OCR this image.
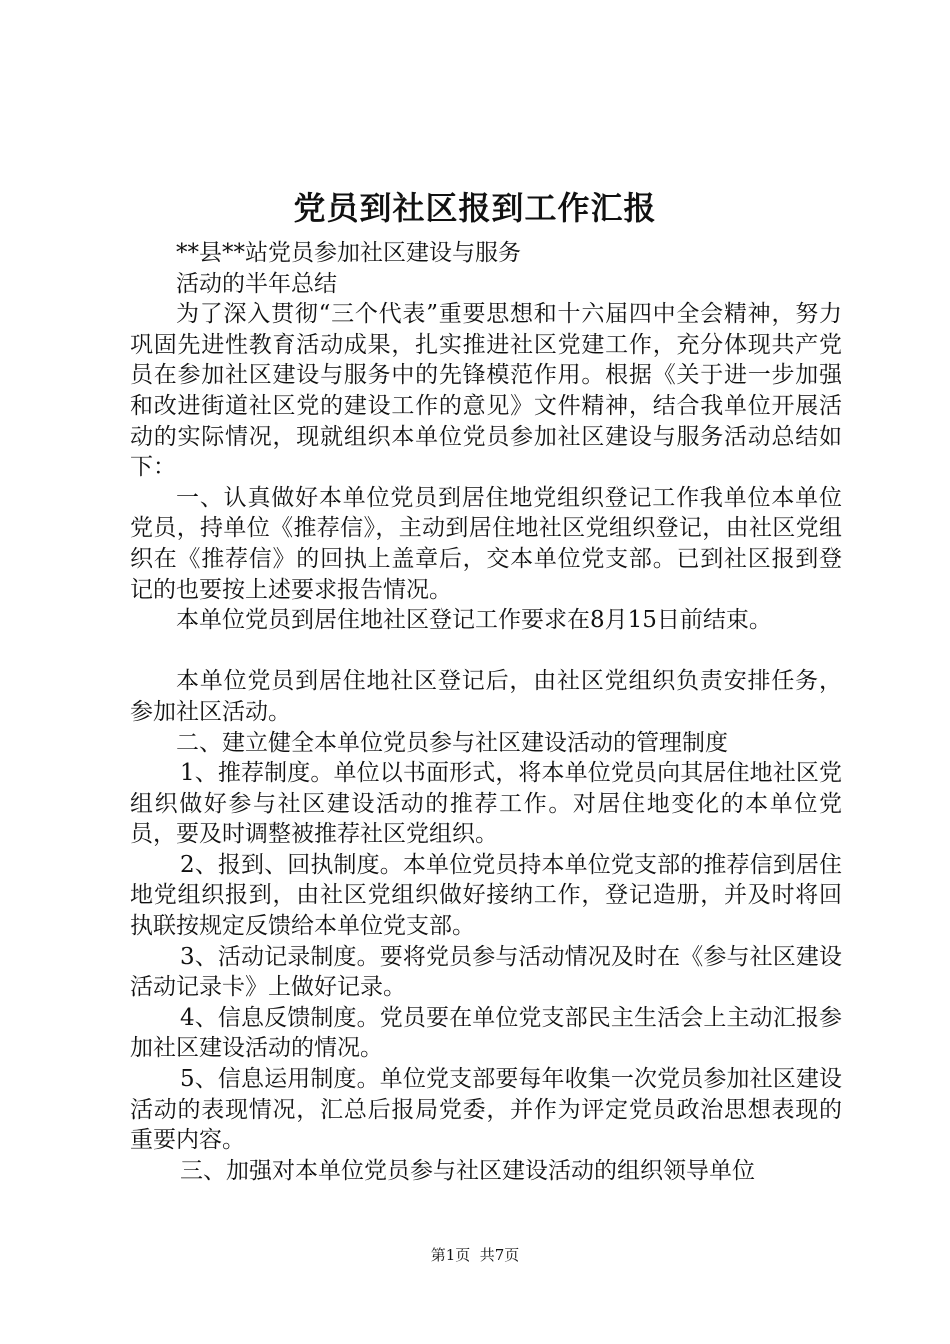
党员到社区报到工作汇报

**县**站党员参加社区建设与服务

活动的半年总结

为了深入贯彻“三个代表”重要思想和十六届四中全会精神，努力巩固先进性教育活动成果，扎实推进社区党建工作，充分体现共产党员在参加社区建设与服务中的先锋模范作用。根据《关于进一步加强和改进街道社区党的建设工作的意见》文件精神，结合我单位开展活动的实际情况，现就组织本单位党员参加社区建设与服务活动总结如下：

一、认真做好本单位党员到居住地党组织登记工作我单位本单位党员，持单位《推荐信》，主动到居住地社区党组织登记，由社区党组织在《推荐信》的回执上盖章后，交本单位党支部。已到社区报到登记的也要按上述要求报告情况。

本单位党员到居住地社区登记工作要求在8月15日前结束。

本单位党员到居住地社区登记后，由社区党组织负责安排任务，参加社区活动。

二、建立健全本单位党员参与社区建设活动的管理制度

1、推荐制度。单位以书面形式，将本单位党员向其居住地社区党组织做好参与社区建设活动的推荐工作。对居住地变化的本单位党员，要及时调整被推荐社区党组织。

2、报到、回执制度。本单位党员持本单位党支部的推荐信到居住地党组织报到，由社区党组织做好接纳工作，登记造册，并及时将回执联按规定反馈给本单位党支部。

3、活动记录制度。要将党员参与活动情况及时在《参与社区建设活动记录卡》上做好记录。

4、信息反馈制度。党员要在单位党支部民主生活会上主动汇报参加社区建设活动的情况。

5、信息运用制度。单位党支部要每年收集一次党员参加社区建设活动的表现情况，汇总后报局党委，并作为评定党员政治思想表现的重要内容。

三、加强对本单位党员参与社区建设活动的组织领导单位

第1页  共7页
